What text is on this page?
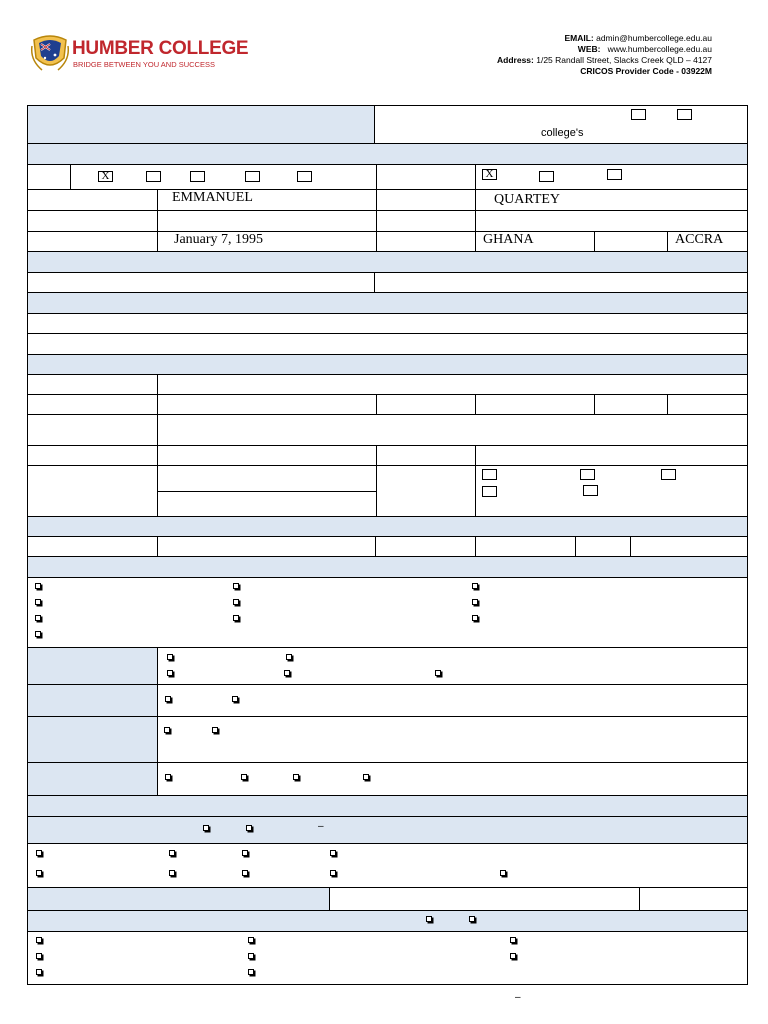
HUMBER COLLEGE
BRIDGE BETWEEN YOU AND SUCCESS
EMAIL: admin@humbercollege.edu.au
WEB: www.humbercollege.edu.au
Address: 1/25 Randall Street, Slacks Creek QLD – 4127
CRICOS Provider Code - 03922M
college's
X	X
EMMANUEL	QUARTEY
January 7, 1995	GHANA	ACCRA
–
–
